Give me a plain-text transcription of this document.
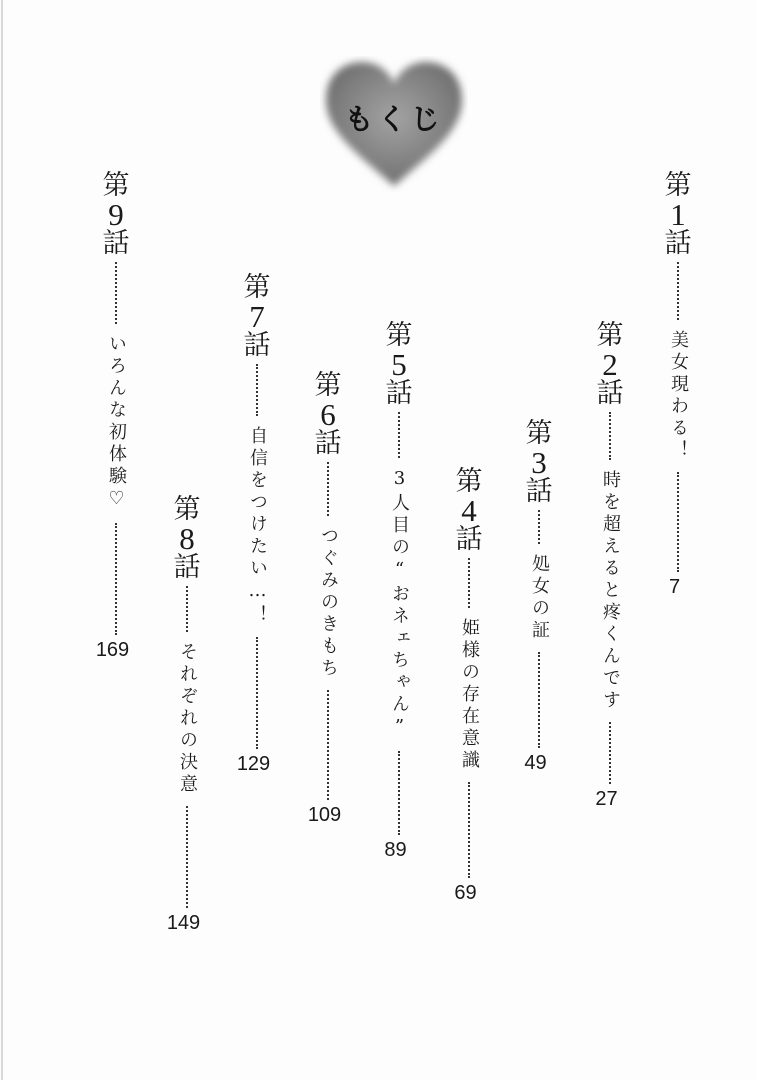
もくじ
第
1
話
美女現わる！
7
第
2
話
時を超えると疼くんです
27
第
3
話
処女の証
49
第
4
話
姫様の存在意識
69
第
5
話
3人目の“おネェちゃん”
89
第
6
話
つぐみのきもち
109
第
7
話
自信をつけたい…！
129
第
8
話
それぞれの決意
149
第
9
話
いろんな初体験♡
169
